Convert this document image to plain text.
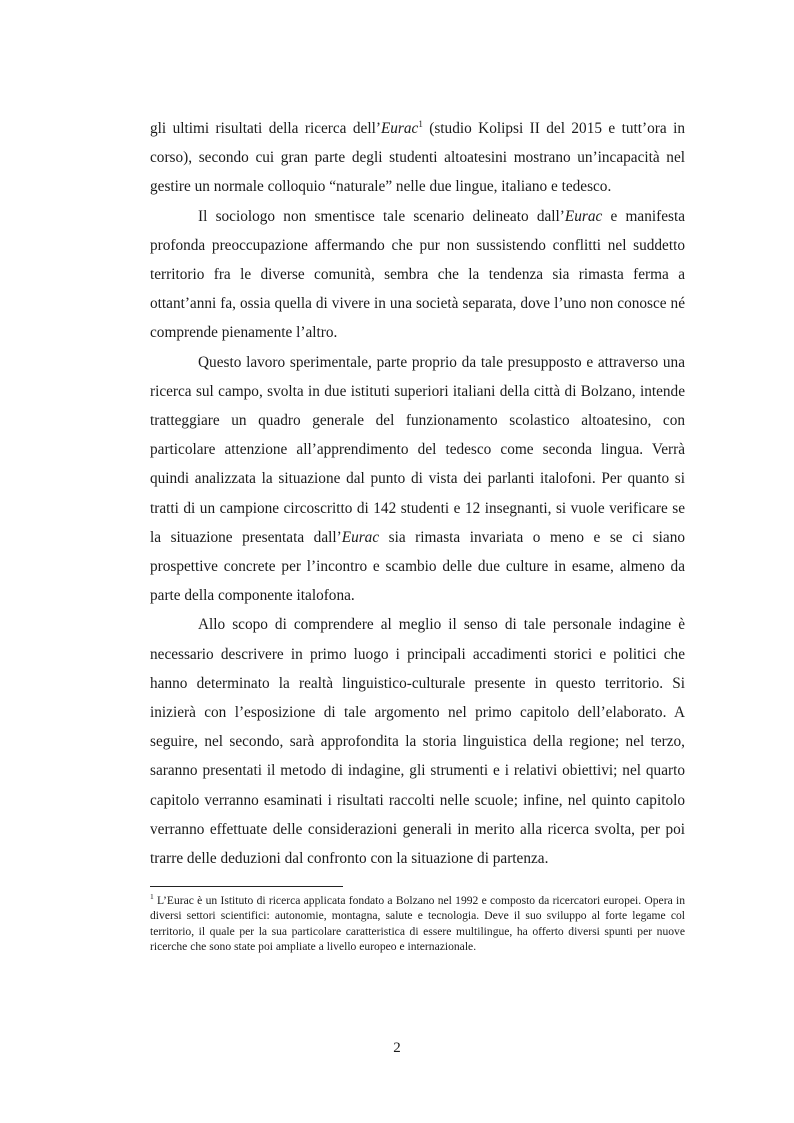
gli ultimi risultati della ricerca dell’Eurac$^1$ (studio Kolipsi II del 2015 e tutt’ora in corso), secondo cui gran parte degli studenti altoatesini mostrano un’incapacità nel gestire un normale colloquio “naturale” nelle due lingue, italiano e tedesco.

Il sociologo non smentisce tale scenario delineato dall’Eurac e manifesta profonda preoccupazione affermando che pur non sussistendo conflitti nel suddetto territorio fra le diverse comunità, sembra che la tendenza sia rimasta ferma a ottant’anni fa, ossia quella di vivere in una società separata, dove l’uno non conosce né comprende pienamente l’altro.

Questo lavoro sperimentale, parte proprio da tale presupposto e attraverso una ricerca sul campo, svolta in due istituti superiori italiani della città di Bolzano, intende tratteggiare un quadro generale del funzionamento scolastico altoatesino, con particolare attenzione all’apprendimento del tedesco come seconda lingua. Verrà quindi analizzata la situazione dal punto di vista dei parlanti italofoni. Per quanto si tratti di un campione circoscritto di 142 studenti e 12 insegnanti, si vuole verificare se la situazione presentata dall’Eurac sia rimasta invariata o meno e se ci siano prospettive concrete per l’incontro e scambio delle due culture in esame, almeno da parte della componente italofona.

Allo scopo di comprendere al meglio il senso di tale personale indagine è necessario descrivere in primo luogo i principali accadimenti storici e politici che hanno determinato la realtà linguistico-culturale presente in questo territorio. Si inizierà con l’esposizione di tale argomento nel primo capitolo dell’elaborato. A seguire, nel secondo, sarà approfondita la storia linguistica della regione; nel terzo, saranno presentati il metodo di indagine, gli strumenti e i relativi obiettivi; nel quarto capitolo verranno esaminati i risultati raccolti nelle scuole; infine, nel quinto capitolo verranno effettuate delle considerazioni generali in merito alla ricerca svolta, per poi trarre delle deduzioni dal confronto con la situazione di partenza.

$^1$ L’Eurac è un Istituto di ricerca applicata fondato a Bolzano nel 1992 e composto da ricercatori europei. Opera in diversi settori scientifici: autonomie, montagna, salute e tecnologia. Deve il suo sviluppo al forte legame col territorio, il quale per la sua particolare caratteristica di essere multilingue, ha offerto diversi spunti per nuove ricerche che sono state poi ampliate a livello europeo e internazionale.
2
